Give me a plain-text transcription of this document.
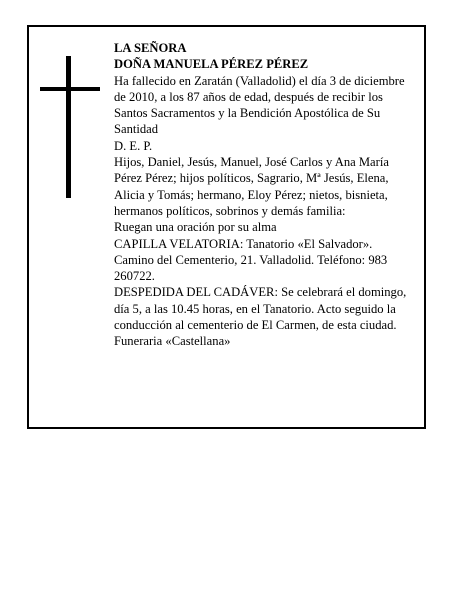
LA SEÑORA

DOÑA MANUELA PÉREZ PÉREZ

Ha fallecido en Zaratán (Valladolid) el día 3 de diciembre de 2010, a los 87 años de edad, después de recibir los Santos Sacramentos y la Bendición Apostólica de Su Santidad

D. E. P.

Hijos, Daniel, Jesús, Manuel, José Carlos y Ana María Pérez Pérez; hijos políticos, Sagrario, Mª Jesús, Elena, Alicia y Tomás; hermano, Eloy Pérez; nietos, bisnieta, hermanos políticos, sobrinos y demás familia:

Ruegan una oración por su alma

CAPILLA VELATORIA: Tanatorio «El Salvador». Camino del Cementerio, 21. Valladolid. Teléfono: 983 260722.

DESPEDIDA DEL CADÁVER: Se celebrará el domingo, día 5, a las 10.45 horas, en el Tanatorio. Acto seguido la conducción al cementerio de El Carmen, de esta ciudad.

Funeraria «Castellana»
